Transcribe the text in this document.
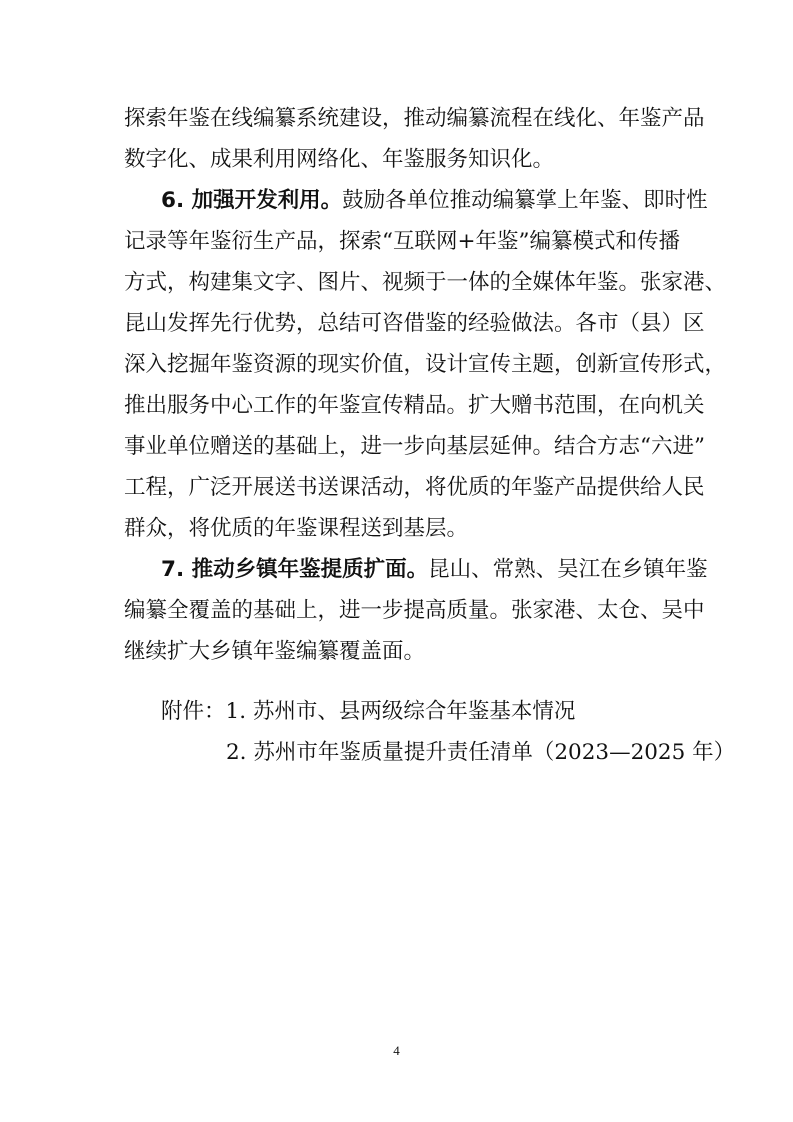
探索年鉴在线编纂系统建设，推动编纂流程在线化、年鉴产品
数字化、成果利用网络化、年鉴服务知识化。
6. 加强开发利用。鼓励各单位推动编纂掌上年鉴、即时性
记录等年鉴衍生产品，探索“互联网+年鉴”编纂模式和传播
方式，构建集文字、图片、视频于一体的全媒体年鉴。张家港、
昆山发挥先行优势，总结可咨借鉴的经验做法。各市（县）区
深入挖掘年鉴资源的现实价值，设计宣传主题，创新宣传形式，
推出服务中心工作的年鉴宣传精品。扩大赠书范围，在向机关
事业单位赠送的基础上，进一步向基层延伸。结合方志“六进”
工程，广泛开展送书送课活动，将优质的年鉴产品提供给人民
群众，将优质的年鉴课程送到基层。
7. 推动乡镇年鉴提质扩面。昆山、常熟、吴江在乡镇年鉴
编纂全覆盖的基础上，进一步提高质量。张家港、太仓、吴中
继续扩大乡镇年鉴编纂覆盖面。
附件：1. 苏州市、县两级综合年鉴基本情况
2. 苏州市年鉴质量提升责任清单（2023—2025 年）
4
